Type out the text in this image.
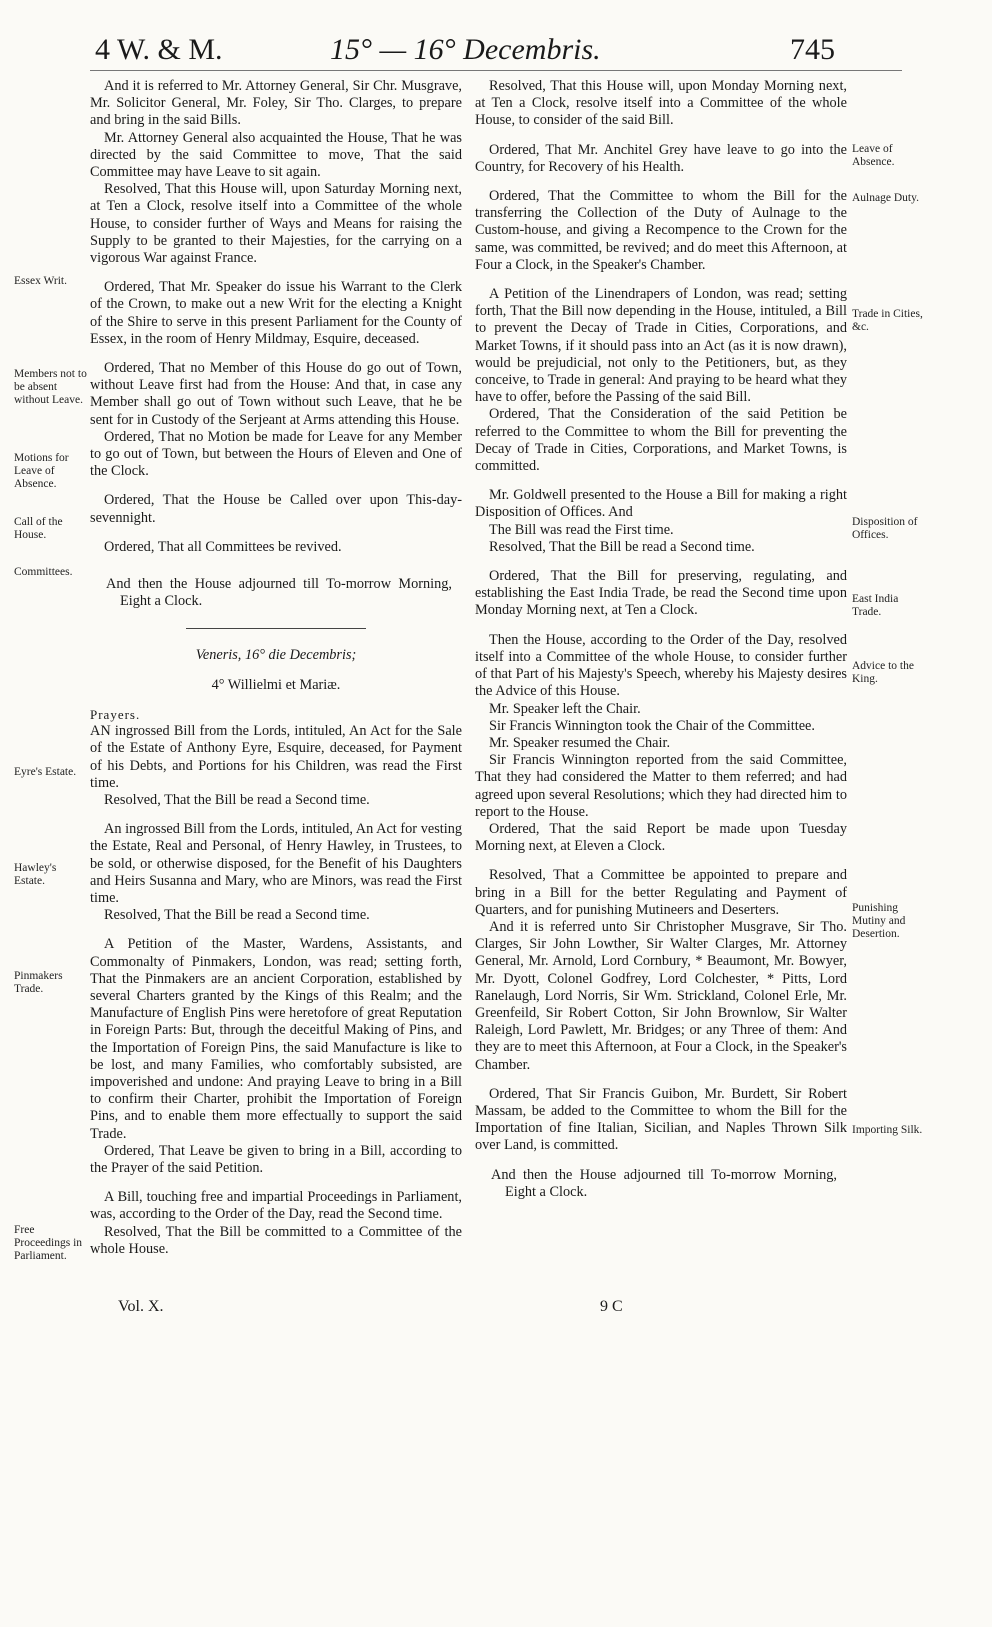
4 W. & M.	15° — 16° Decembris.	745

And it is referred to Mr. Attorney General, Sir Chr. Musgrave, Mr. Solicitor General, Mr. Foley, Sir Tho. Clarges, to prepare and bring in the said Bills.

Mr. Attorney General also acquainted the House, That he was directed by the said Committee to move, That the said Committee may have Leave to sit again.

Resolved, That this House will, upon Saturday Morning next, at Ten a Clock, resolve itself into a Committee of the whole House, to consider further of Ways and Means for raising the Supply to be granted to their Majesties, for the carrying on a vigorous War against France.

Ordered, That Mr. Speaker do issue his Warrant to the Clerk of the Crown, to make out a new Writ for the electing a Knight of the Shire to serve in this present Parliament for the County of Essex, in the room of Henry Mildmay, Esquire, deceased.

Ordered, That no Member of this House do go out of Town, without Leave first had from the House: And that, in case any Member shall go out of Town without such Leave, that he be sent for in Custody of the Serjeant at Arms attending this House.

Ordered, That no Motion be made for Leave for any Member to go out of Town, but between the Hours of Eleven and One of the Clock.

Ordered, That the House be Called over upon This-day-sevennight.

Ordered, That all Committees be revived.

And then the House adjourned till To-morrow Morning, Eight a Clock.

Veneris, 16° die Decembris;

4° Willielmi et Mariæ.

Prayers.

AN ingrossed Bill from the Lords, intituled, An Act for the Sale of the Estate of Anthony Eyre, Esquire, deceased, for Payment of his Debts, and Portions for his Children, was read the First time.

Resolved, That the Bill be read a Second time.

An ingrossed Bill from the Lords, intituled, An Act for vesting the Estate, Real and Personal, of Henry Hawley, in Trustees, to be sold, or otherwise disposed, for the Benefit of his Daughters and Heirs Susanna and Mary, who are Minors, was read the First time.

Resolved, That the Bill be read a Second time.

A Petition of the Master, Wardens, Assistants, and Commonalty of Pinmakers, London, was read; setting forth, That the Pinmakers are an ancient Corporation, established by several Charters granted by the Kings of this Realm; and the Manufacture of English Pins were heretofore of great Reputation in Foreign Parts: But, through the deceitful Making of Pins, and the Importation of Foreign Pins, the said Manufacture is like to be lost, and many Families, who comfortably subsisted, are impoverished and undone: And praying Leave to bring in a Bill to confirm their Charter, prohibit the Importation of Foreign Pins, and to enable them more effectually to support the said Trade.

Ordered, That Leave be given to bring in a Bill, according to the Prayer of the said Petition.

A Bill, touching free and impartial Proceedings in Parliament, was, according to the Order of the Day, read the Second time.

Resolved, That the Bill be committed to a Committee of the whole House.

Essex Writ.
Members not to be absent without Leave.
Motions for Leave of Absence.
Call of the House.
Committees.
Eyre's Estate.
Hawley's Estate.
Pinmakers Trade.
Free Proceedings in Parliament.

Resolved, That this House will, upon Monday Morning next, at Ten a Clock, resolve itself into a Committee of the whole House, to consider of the said Bill.

Ordered, That Mr. Anchitel Grey have leave to go into the Country, for Recovery of his Health.

Ordered, That the Committee to whom the Bill for the transferring the Collection of the Duty of Aulnage to the Custom-house, and giving a Recompence to the Crown for the same, was committed, be revived; and do meet this Afternoon, at Four a Clock, in the Speaker's Chamber.

A Petition of the Linendrapers of London, was read; setting forth, That the Bill now depending in the House, intituled, a Bill to prevent the Decay of Trade in Cities, Corporations, and Market Towns, if it should pass into an Act (as it is now drawn), would be prejudicial, not only to the Petitioners, but, as they conceive, to Trade in general: And praying to be heard what they have to offer, before the Passing of the said Bill.

Ordered, That the Consideration of the said Petition be referred to the Committee to whom the Bill for preventing the Decay of Trade in Cities, Corporations, and Market Towns, is committed.

Mr. Goldwell presented to the House a Bill for making a right Disposition of Offices. And

The Bill was read the First time.

Resolved, That the Bill be read a Second time.

Ordered, That the Bill for preserving, regulating, and establishing the East India Trade, be read the Second time upon Monday Morning next, at Ten a Clock.

Then the House, according to the Order of the Day, resolved itself into a Committee of the whole House, to consider further of that Part of his Majesty's Speech, whereby his Majesty desires the Advice of this House.

Mr. Speaker left the Chair.

Sir Francis Winnington took the Chair of the Committee.

Mr. Speaker resumed the Chair.

Sir Francis Winnington reported from the said Committee, That they had considered the Matter to them referred; and had agreed upon several Resolutions; which they had directed him to report to the House.

Ordered, That the said Report be made upon Tuesday Morning next, at Eleven a Clock.

Resolved, That a Committee be appointed to prepare and bring in a Bill for the better Regulating and Payment of Quarters, and for punishing Mutineers and Deserters.

And it is referred unto Sir Christopher Musgrave, Sir Tho. Clarges, Sir John Lowther, Sir Walter Clarges, Mr. Attorney General, Mr. Arnold, Lord Cornbury, * Beaumont, Mr. Bowyer, Mr. Dyott, Colonel Godfrey, Lord Colchester, * Pitts, Lord Ranelaugh, Lord Norris, Sir Wm. Strickland, Colonel Erle, Mr. Greenfeild, Sir Robert Cotton, Sir John Brownlow, Sir Walter Raleigh, Lord Pawlett, Mr. Bridges; or any Three of them: And they are to meet this Afternoon, at Four a Clock, in the Speaker's Chamber.

Ordered, That Sir Francis Guibon, Mr. Burdett, Sir Robert Massam, be added to the Committee to whom the Bill for the Importation of fine Italian, Sicilian, and Naples Thrown Silk over Land, is committed.

And then the House adjourned till To-morrow Morning, Eight a Clock.

Leave of Absence.
Aulnage Duty.
Trade in Cities, &c.
Disposition of Offices.
East India Trade.
Advice to the King.
Punishing Mutiny and Desertion.
Importing Silk.
Vol. X.	9 C
